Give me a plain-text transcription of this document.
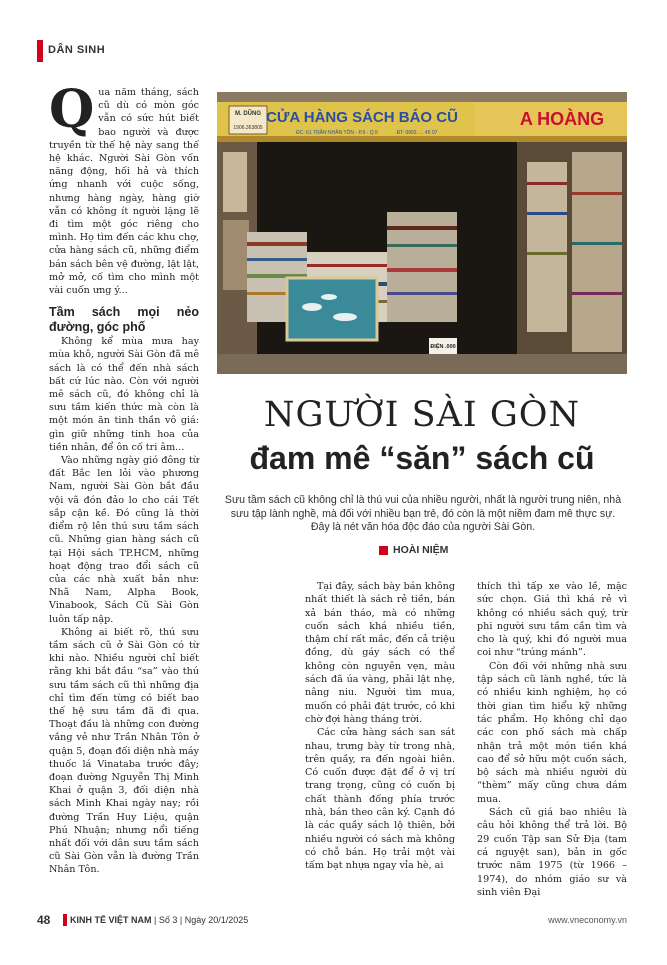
DÂN SINH
Q ua năm tháng, sách cũ dù có mòn góc vẫn có sức hút biết bao người và được truyền từ thế hệ này sang thế hệ khác. Người Sài Gòn vốn năng động, hối hả và thích ứng nhanh với cuộc sống, nhưng hàng ngày, hàng giờ vẫn có không ít người lặng lẽ đi tìm một góc riêng cho mình. Họ tìm đến các khu chợ, cửa hàng sách cũ, những điểm bán sách bên vệ đường, lật lật, mở mở, cố tìm cho mình một vài cuốn ưng ý...

Tầm sách mọi nẻo đường, góc phố

Không kể mùa mưa hay mùa khô, người Sài Gòn đã mê sách là có thể đến nhà sách bất cứ lúc nào. Còn với người mê sách cũ, đó không chỉ là sưu tầm kiến thức mà còn là một món ăn tinh thần vô giá: gìn giữ những tinh hoa của tiền nhân, để ôn cố tri âm...

Vào những ngày gió đông từ đất Bắc len lỏi vào phương Nam, người Sài Gòn bắt đầu vội vã đón đảo lo cho cái Tết sắp cận kề. Đó cũng là thời điểm rộ lên thú sưu tầm sách cũ. Những gian hàng sách cũ tại Hội sách TP.HCM, những hoạt động trao đổi sách cũ của các nhà xuất bản như: Nhã Nam, Alpha Book, Vinabook, Sách Cũ Sài Gòn luôn tấp nập.

Không ai biết rõ, thú sưu tầm sách cũ ở Sài Gòn có từ khi nào. Nhiều người chỉ biết rằng khi bắt đầu “sa” vào thú sưu tầm sách cũ thì những địa chỉ tìm đến từng có biết bao thế hệ sưu tầm đã đi qua. Thoạt đầu là những con đường vắng vẻ như Trần Nhân Tôn ở quận 5, đoạn đối diện nhà máy thuốc lá Vinataba trước đây; đoạn đường Nguyễn Thị Minh Khai ở quận 3, đối diện nhà sách Minh Khai ngày nay; rồi đường Trần Huy Liệu, quận Phú Nhuận; nhưng nổi tiếng nhất đối với dân sưu tầm sách cũ Sài Gòn vẫn là đường Trần Nhân Tôn.

M. DŨNG
1906.363805
CỬA HÀNG SÁCH BÁO CŨ
ĐC: 61 TRẦN NHÂN TÔN - P.9 - Q.5	ĐT: 0903 .... 45 07
A HOÀNG
ĐIỆN .000
NGƯỜI SÀI GÒN
đam mê “săn” sách cũ
Sưu tầm sách cũ không chỉ là thú vui của nhiều người, nhất là người trung niên, nhà sưu tập lành nghề, mà đối với nhiều bạn trẻ, đó còn là một niềm đam mê thực sự. Đây là nét văn hóa độc đáo của người Sài Gòn.
HOÀI NIỆM

Tại đây, sách bày bán không nhất thiết là sách rẻ tiền, bán xả bán tháo, mà có những cuốn sách khá nhiều tiền, thậm chí rất mắc, đến cả triệu đồng, dù gáy sách có thể không còn nguyên vẹn, màu sách đã úa vàng, phải lật nhẹ, nâng niu. Người tìm mua, muốn có phải đặt trước, có khi chờ đợi hàng tháng trời.

Các cửa hàng sách san sát nhau, trưng bày từ trong nhà, trên quầy, ra đến ngoài hiên. Có cuốn được đặt để ở vị trí trang trọng, cũng có cuốn bị chất thành đống phía trước nhà, bán theo cân ký. Cạnh đó là các quầy sách lộ thiên, bởi nhiều người có sách mà không có chỗ bán. Họ trải một vài tấm bạt nhựa ngay vỉa hè, ai

thích thì tấp xe vào lề, mặc sức chọn. Giá thì khá rẻ vì không có nhiều sách quý, trừ phi người sưu tầm cần tìm và cho là quý, khi đó người mua coi như “trúng mánh”.

Còn đối với những nhà sưu tập sách cũ lành nghề, tức là có nhiều kinh nghiệm, họ có thời gian tìm hiểu kỹ những tác phẩm. Họ không chỉ dạo các con phố sách mà chấp nhận trả một món tiền khá cao để sở hữu một cuốn sách, bộ sách mà nhiều người dù “thèm” mấy cũng chưa dám mua.

Sách cũ giá bao nhiêu là câu hỏi không thể trả lời. Bộ 29 cuốn Tập san Sử Địa (tam cá nguyệt san), bản in gốc trước năm 1975 (từ 1966 – 1974), do nhóm giáo sư và sinh viên Đại

48 KINH TẾ VIỆT NAM | Số 3 | Ngày 20/1/2025	www.vneconomy.vn
